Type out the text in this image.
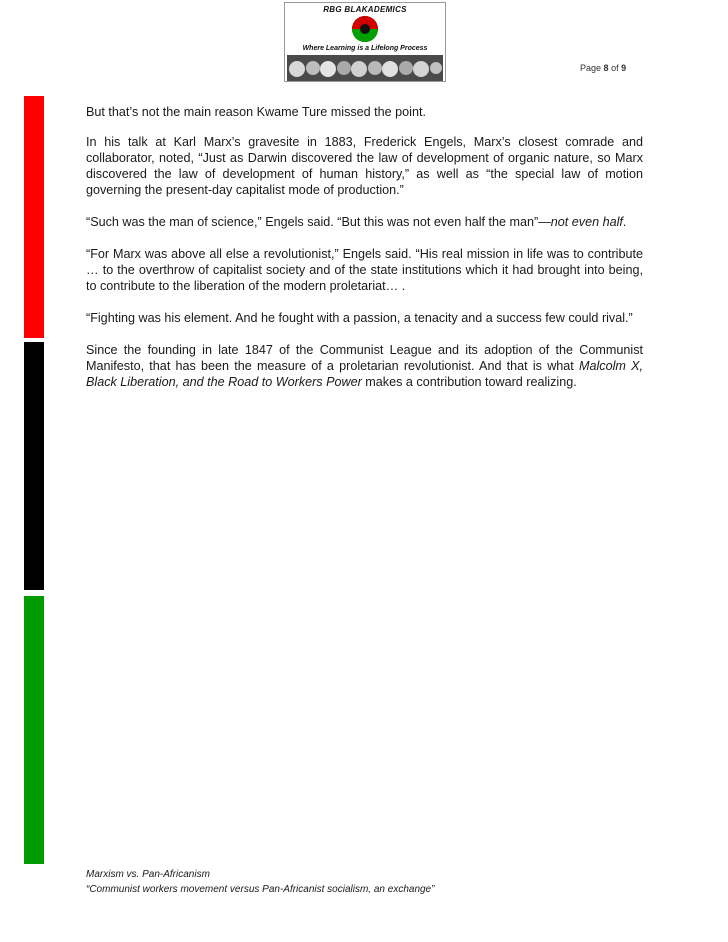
RBG BLAKADEMICS
Where Learning is a Lifelong Process
Page 8 of 9

But that’s not the main reason Kwame Ture missed the point.

In his talk at Karl Marx’s gravesite in 1883, Frederick Engels, Marx’s closest comrade and collaborator, noted, “Just as Darwin discovered the law of development of organic nature, so Marx discovered the law of development of human history,” as well as “the special law of motion governing the present-day capitalist mode of production.”

“Such was the man of science,” Engels said. “But this was not even half the man”—not even half.

“For Marx was above all else a revolutionist,” Engels said. “His real mission in life was to contribute … to the overthrow of capitalist society and of the state institutions which it had brought into being, to contribute to the liberation of the modern proletariat… .

“Fighting was his element. And he fought with a passion, a tenacity and a success few could rival.”

Since the founding in late 1847 of the Communist League and its adoption of the Communist Manifesto, that has been the measure of a proletarian revolutionist. And that is what Malcolm X, Black Liberation, and the Road to Workers Power makes a contribution toward realizing.

Marxism vs. Pan-Africanism
“Communist workers movement versus Pan-Africanist socialism, an exchange”
